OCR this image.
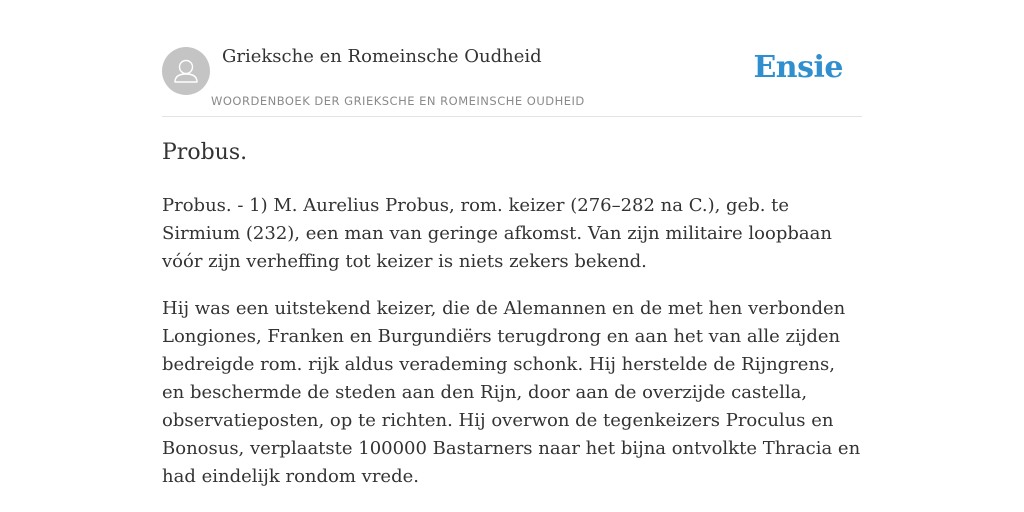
Grieksche en Romeinsche Oudheid
WOORDENBOEK DER GRIEKSCHE EN ROMEINSCHE OUDHEID
Ensie
Probus.

Probus. - 1) M. Aurelius Probus, rom. keizer (276–282 na C.), geb. te Sirmium (232), een man van geringe afkomst. Van zijn militaire loopbaan vóór zijn verheffing tot keizer is niets zekers bekend.

Hij was een uitstekend keizer, die de Alemannen en de met hen verbonden Longiones, Franken en Burgundiërs terugdrong en aan het van alle zijden bedreigde rom. rijk aldus verademing schonk. Hij herstelde de Rijngrens, en beschermde de steden aan den Rijn, door aan de overzijde castella, observatieposten, op te richten. Hij overwon de tegenkeizers Proculus en Bonosus, verplaatste 100000 Bastarners naar het bijna ontvolkte Thracia en had eindelijk rondom vrede.
